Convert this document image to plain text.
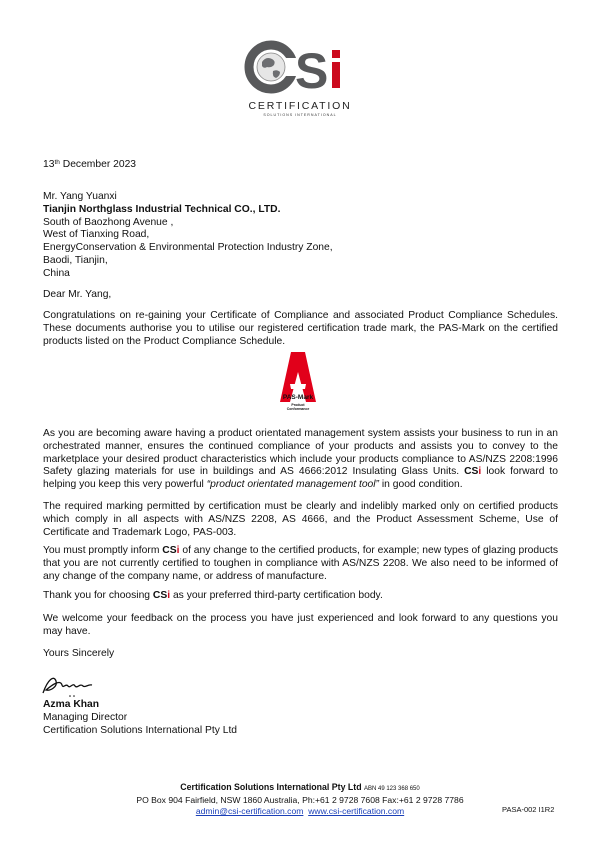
S
CERTIFICATION
SOLUTIONS INTERNATIONAL
13th December 2023
Mr. Yang Yuanxi
Tianjin Northglass Industrial Technical CO., LTD.
South of Baozhong Avenue ,
West of Tianxing Road,
EnergyConservation & Environmental Protection Industry Zone,
Baodi, Tianjin,
China
Dear Mr. Yang,
Congratulations on re-gaining your Certificate of Compliance and associated Product Compliance Schedules. These documents authorise you to utilise our registered certification trade mark, the PAS-Mark on the certified products listed on the Product Compliance Schedule.
PAS-Mark
Product
Conformance
As you are becoming aware having a product orientated management system assists your business to run in an orchestrated manner, ensures the continued compliance of your products and assists you to convey to the marketplace your desired product characteristics which include your products compliance to AS/NZS 2208:1996 Safety glazing materials for use in buildings and AS 4666:2012 Insulating Glass Units. CSi look forward to helping you keep this very powerful “product orientated management tool” in good condition.
The required marking permitted by certification must be clearly and indelibly marked only on certified products which comply in all aspects with AS/NZS 2208, AS 4666, and the Product Assessment Scheme, Use of Certificate and Trademark Logo, PAS-003.
You must promptly inform CSi of any change to the certified products, for example; new types of glazing products that you are not currently certified to toughen in compliance with AS/NZS 2208. We also need to be informed of any change of the company name, or address of manufacture.
Thank you for choosing CSi as your preferred third-party certification body.
We welcome your feedback on the process you have just experienced and look forward to any questions you may have.
Yours Sincerely
Azma Khan
Managing Director
Certification Solutions International Pty Ltd
Certification Solutions International Pty Ltd ABN 49 123 368 650
PO Box 904 Fairfield, NSW 1860 Australia, Ph:+61 2 9728 7608 Fax:+61 2 9728 7786
admin@csi-certification.com www.csi-certification.com	PASA-002 I1R2
